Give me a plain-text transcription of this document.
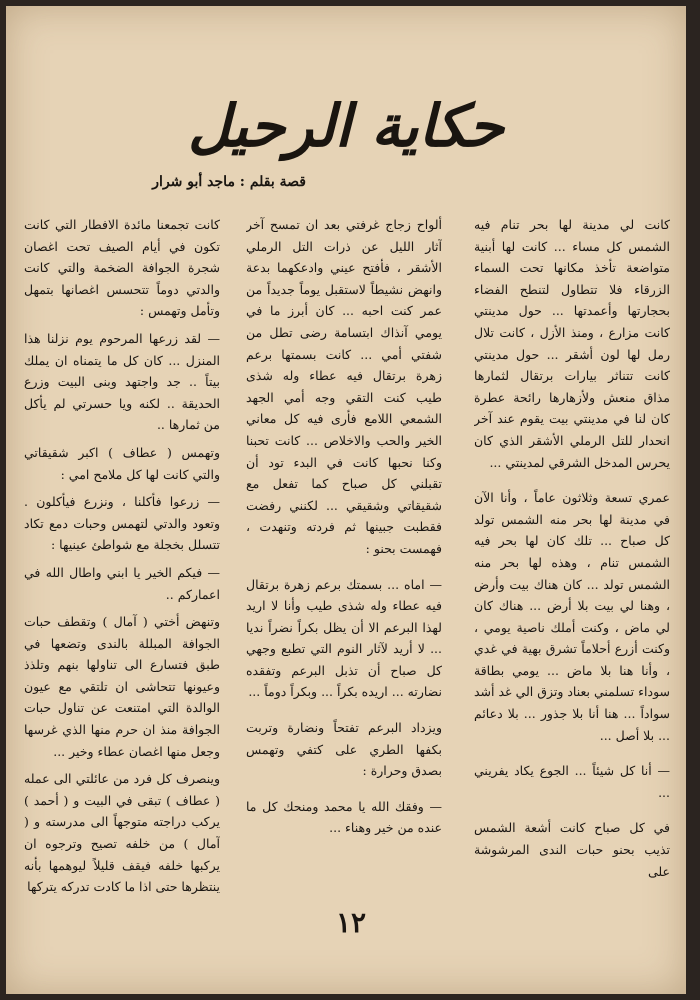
حكاية الرحيل
قصة بقلم : ماجد أبو شرار

كانت لي مدينة لها بحر تنام فيه الشمس كل مساء ... كانت لها أبنية متواضعة تأخذ مكانها تحت السماء الزرقاء فلا تتطاول لتنطح الفضاء بحجارتها وأعمدتها ... حول مدينتي كانت مزارع ، ومنذ الأزل ، كانت تلال رمل لها لون أشقر ... حول مدينتي كانت تتناثر بيارات برتقال لثمارها مذاق منعش ولأزهارها رائحة عطرة كان لنا في مدينتي بيت يقوم عند آخر انحدار للتل الرملي الأشقر الذي كان يحرس المدخل الشرقي لمدينتي ...

عمري تسعة وثلاثون عاماً ، وأنا الآن في مدينة لها بحر منه الشمس تولد كل صباح ... تلك كان لها بحر فيه الشمس تنام ، وهذه لها بحر منه الشمس تولد ... كان هناك بيت وأرض ، وهنا لي بيت بلا أرض ... هناك كان لي ماض ، وكنت أملك ناصية يومي ، وكنت أزرع أحلاماً تشرق بهية في غدي ، وأنا هنا بلا ماض ... يومي بطاقة سوداء تسلمني بعناد وتزق الي غد أشد سواداً ... هنا أنا بلا جذور ... بلا دعائم ... بلا أصل ...

— أنا كل شيئاً ... الجوع يكاد يفريني ...

في كل صباح كانت أشعة الشمس تذيب بحنو حبات الندى المرشوشة على

ألواح زجاج غرفتي بعد ان تمسح آخر آثار الليل عن ذرات التل الرملي الأشقر ، فأفتح عيني وادعكهما بدعة وانهض نشيطاً لاستقبل يوماً جديداً من عمر كنت احبه ... كان أبرز ما في يومي آنذاك ابتسامة رضى تطل من شفتي أمي ... كانت بسمتها برعم زهرة برتقال فيه عطاء وله شذى طيب كنت التقي وجه أمي الجهد الشمعي اللامع فأرى فيه كل معاني الخير والحب والاخلاص ... كانت تحبنا وكنا نحبها كانت في البدء تود أن تقبلني كل صباح كما تفعل مع شقيقاتي وشقيقي ... لكنني رفضت فقطبت جبينها ثم فردته وتنهدت ، فهمست بحنو :

— اماه ... بسمتك برعم زهرة برتقال فيه عطاء وله شذى طيب وأنا لا اريد لهذا البرعم الا أن يظل بكراً نضراً نديا ... لا أريد لآثار النوم التي تطبع وجهي كل صباح أن تذبل البرعم وتفقده نضارته ... اريده بكراً ... وبكراً دوماً ...

ويزداد البرعم تفتحاً ونضارة وتربت بكفها الطري على كتفي وتهمس بصدق وحرارة :

— وفقك الله يا محمد ومنحك كل ما عنده من خير وهناء ...

كانت تجمعنا مائدة الافطار التي كانت تكون في أيام الصيف تحت اغصان شجرة الجوافة الضخمة والتي كانت والدتي دوماً تتحسس اغصانها بتمهل وتأمل وتهمس :

— لقد زرعها المرحوم يوم نزلنا هذا المنزل ... كان كل ما يتمناه ان يملك بيتاً .. جد واجتهد وبنى البيت وزرع الحديقة .. لكنه ويا حسرتي لم يأكل من ثمارها ..

وتهمس ( عطاف ) اكبر شقيقاتي والتي كانت لها كل ملامح امي :

— زرعوا فأكلنا ، ونزرع فيأكلون . وتعود والدتي لتهمس وحبات دمع تكاد تتسلل بخجلة مع شواطئ عينيها :

— فيكم الخير يا ابني واطال الله في اعماركم ..

وتنهض أختي ( آمال ) وتقطف حبات الجوافة المبللة بالندى وتضعها في طبق فتسارع الى تناولها بنهم وتلذذ وعيونها تتحاشى ان تلتقي مع عيون الوالدة التي امتنعت عن تناول حبات الجوافة منذ ان حرم منها الذي غرسها وجعل منها اغصان عطاء وخير ...

وينصرف كل فرد من عائلتي الى عمله ( عطاف ) تبقى في البيت و ( أحمد ) يركب دراجته متوجهاً الى مدرسته و ( آمال ) من خلفه تصيح وترجوه ان يركبها خلفه فيقف قليلاً ليوهمها بأنه ينتظرها حتى اذا ما كادت تدركه يتركها

١٢
